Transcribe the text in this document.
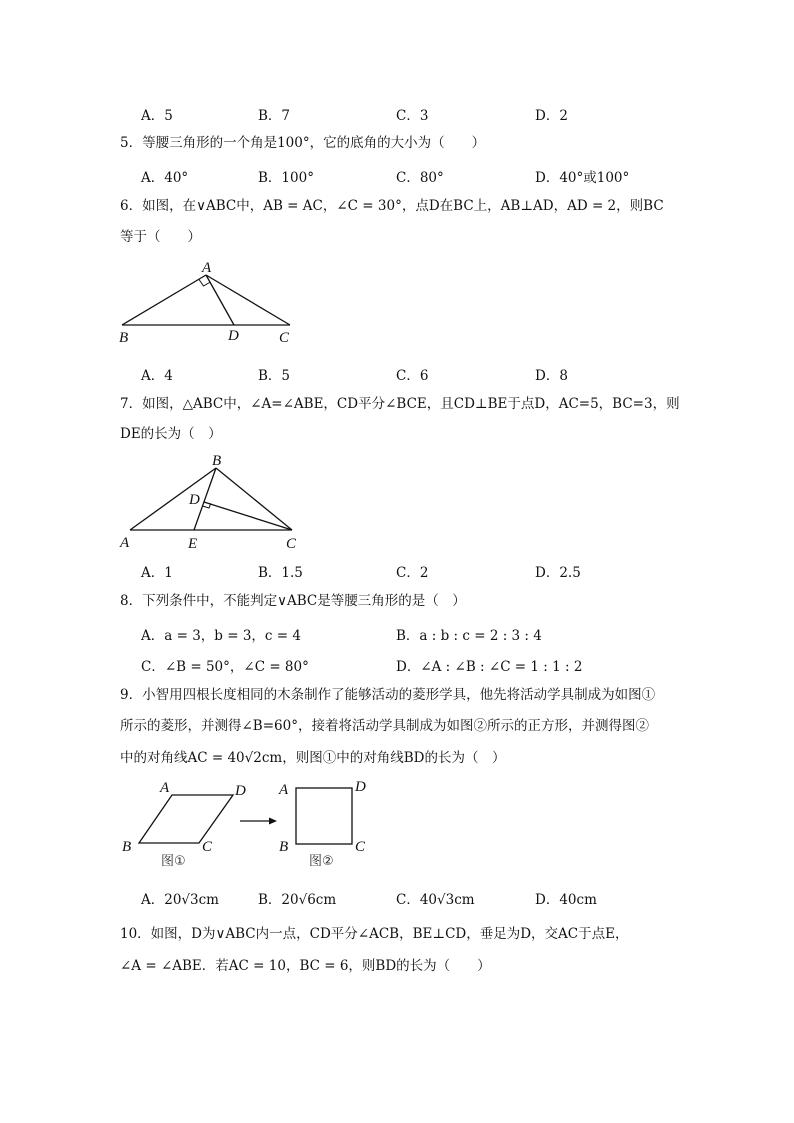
A．5	B．7	C．3	D．2
5．等腰三角形的一个角是100°，它的底角的大小为（　　）
A．40°	B．100°	C．80°	D．40°或100°
6．如图，在∨ABC中，AB = AC，∠C = 30°，点D在BC上，AB⊥AD，AD = 2，则BC
等于（　　）
A
B	D	C
A．4	B．5	C．6	D．8
7．如图，△ABC中，∠A=∠ABE，CD平分∠BCE，且CD⊥BE于点D，AC=5，BC=3，则
DE的长为（　）
B
D
A	E	C
A．1	B．1.5	C．2	D．2.5
8．下列条件中，不能判定∨ABC是等腰三角形的是（　）
A．a = 3，b = 3，c = 4	B．a : b : c = 2 : 3 : 4
C．∠B = 50°，∠C = 80°	D．∠A : ∠B : ∠C = 1 : 1 : 2
9．小智用四根长度相同的木条制作了能够活动的菱形学具，他先将活动学具制成为如图①
所示的菱形，并测得∠B=60°，接着将活动学具制成为如图②所示的正方形，并测得图②
中的对角线AC = 40√2cm，则图①中的对角线BD的长为（　）
A	D
B	C
图①
A	D
B	C
图②
A．20√3cm	B．20√6cm	C．40√3cm	D．40cm
10．如图，D为∨ABC内一点，CD平分∠ACB，BE⊥CD，垂足为D，交AC于点E，
∠A = ∠ABE．若AC = 10，BC = 6，则BD的长为（　　）
